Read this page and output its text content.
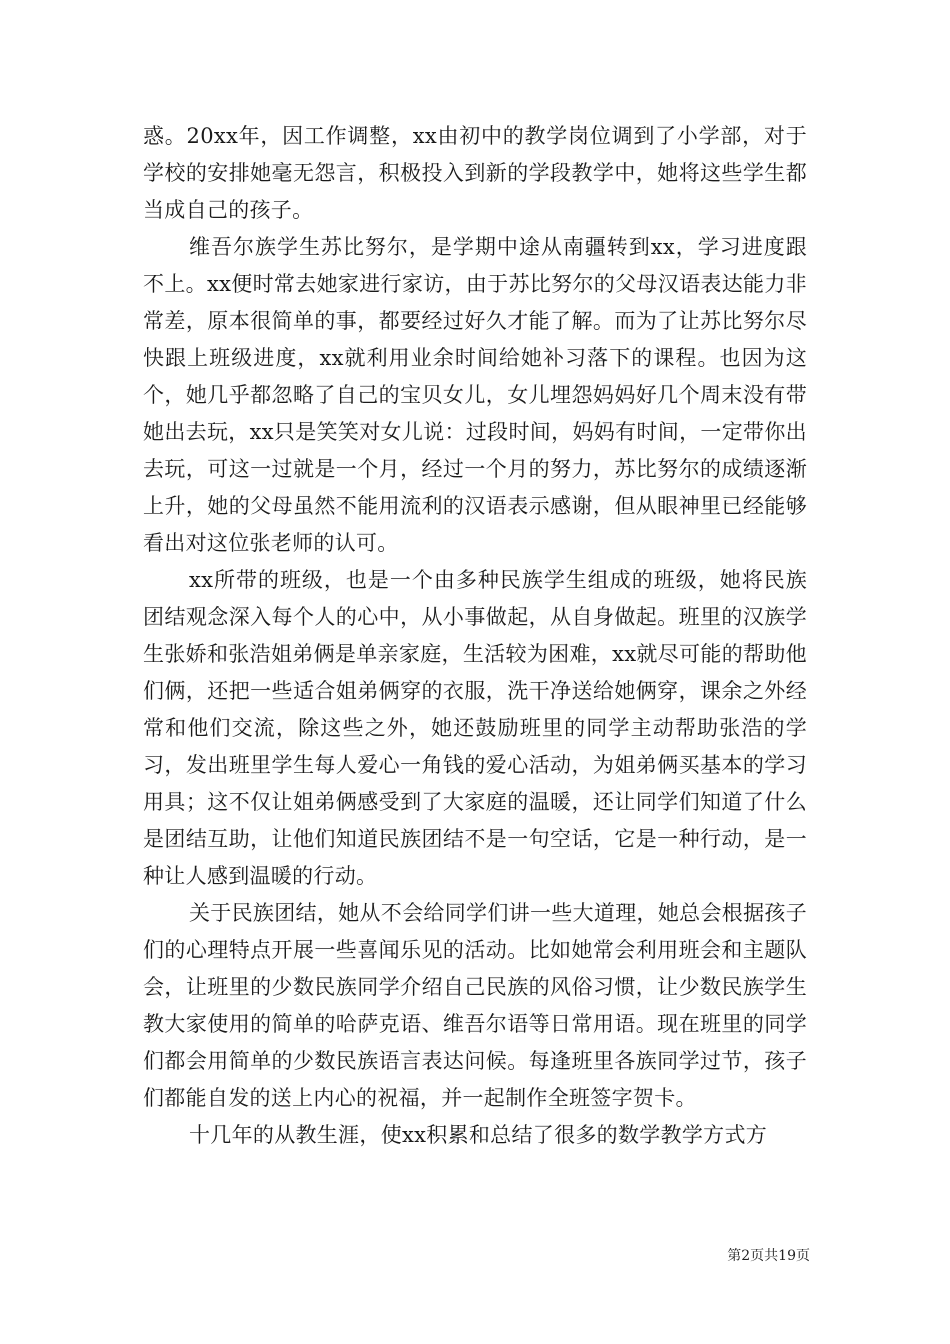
惑。20xx年，因工作调整，xx由初中的教学岗位调到了小学部，对于学校的安排她毫无怨言，积极投入到新的学段教学中，她将这些学生都当成自己的孩子。

维吾尔族学生苏比努尔，是学期中途从南疆转到xx，学习进度跟不上。xx便时常去她家进行家访，由于苏比努尔的父母汉语表达能力非常差，原本很简单的事，都要经过好久才能了解。而为了让苏比努尔尽快跟上班级进度，xx就利用业余时间给她补习落下的课程。也因为这个，她几乎都忽略了自己的宝贝女儿，女儿埋怨妈妈好几个周末没有带她出去玩，xx只是笑笑对女儿说：过段时间，妈妈有时间，一定带你出去玩，可这一过就是一个月，经过一个月的努力，苏比努尔的成绩逐渐上升，她的父母虽然不能用流利的汉语表示感谢，但从眼神里已经能够看出对这位张老师的认可。

xx所带的班级，也是一个由多种民族学生组成的班级，她将民族团结观念深入每个人的心中，从小事做起，从自身做起。班里的汉族学生张娇和张浩姐弟俩是单亲家庭，生活较为困难，xx就尽可能的帮助他们俩，还把一些适合姐弟俩穿的衣服，洗干净送给她俩穿，课余之外经常和他们交流，除这些之外，她还鼓励班里的同学主动帮助张浩的学习，发出班里学生每人爱心一角钱的爱心活动，为姐弟俩买基本的学习用具；这不仅让姐弟俩感受到了大家庭的温暖，还让同学们知道了什么是团结互助，让他们知道民族团结不是一句空话，它是一种行动，是一种让人感到温暖的行动。

关于民族团结，她从不会给同学们讲一些大道理，她总会根据孩子们的心理特点开展一些喜闻乐见的活动。比如她常会利用班会和主题队会，让班里的少数民族同学介绍自己民族的风俗习惯，让少数民族学生教大家使用的简单的哈萨克语、维吾尔语等日常用语。现在班里的同学们都会用简单的少数民族语言表达问候。每逢班里各族同学过节，孩子们都能自发的送上内心的祝福，并一起制作全班签字贺卡。

十几年的从教生涯，使xx积累和总结了很多的数学教学方式方

第2页共19页
